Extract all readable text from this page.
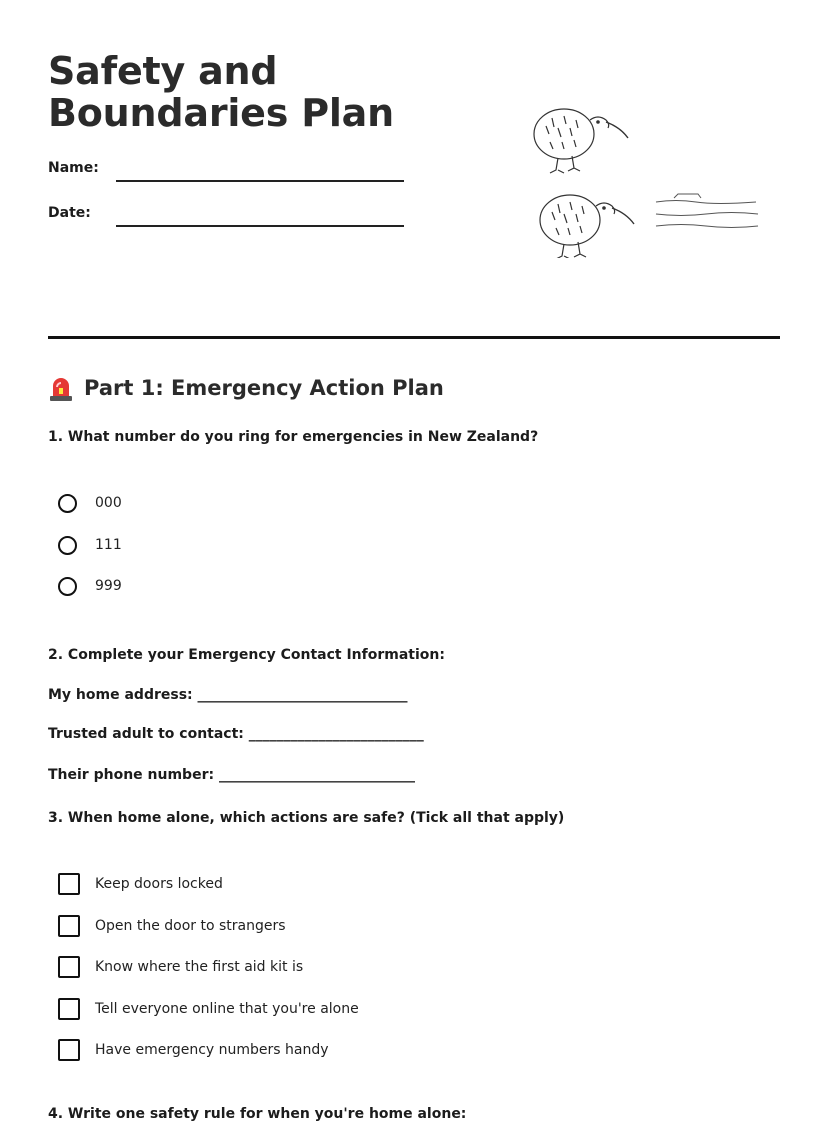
Safety and Boundaries Plan
Name:
Date:
Part 1: Emergency Action Plan
1. What number do you ring for emergencies in New Zealand?
000
111
999
2. Complete your Emergency Contact Information:
My home address: ______________________________
Trusted adult to contact: _________________________
Their phone number: ____________________________
3. When home alone, which actions are safe? (Tick all that apply)
Keep doors locked
Open the door to strangers
Know where the first aid kit is
Tell everyone online that you're alone
Have emergency numbers handy
4. Write one safety rule for when you're home alone:
